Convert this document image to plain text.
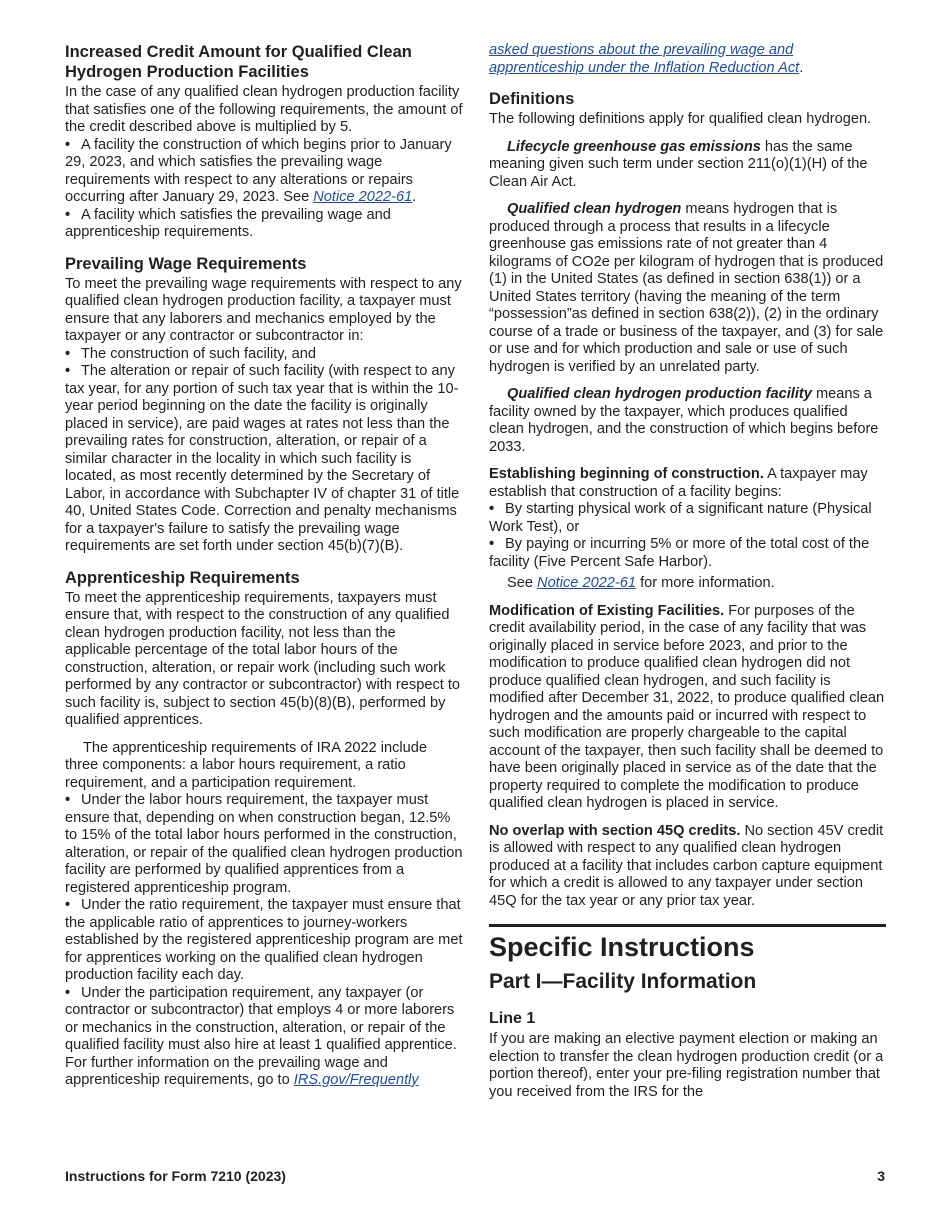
Increased Credit Amount for Qualified Clean Hydrogen Production Facilities

In the case of any qualified clean hydrogen production facility that satisfies one of the following requirements, the amount of the credit described above is multiplied by 5.

• A facility the construction of which begins prior to January 29, 2023, and which satisfies the prevailing wage requirements with respect to any alterations or repairs occurring after January 29, 2023. See Notice 2022-61.

• A facility which satisfies the prevailing wage and apprenticeship requirements.

Prevailing Wage Requirements

To meet the prevailing wage requirements with respect to any qualified clean hydrogen production facility, a taxpayer must ensure that any laborers and mechanics employed by the taxpayer or any contractor or subcontractor in:

• The construction of such facility, and

• The alteration or repair of such facility (with respect to any tax year, for any portion of such tax year that is within the 10-year period beginning on the date the facility is originally placed in service), are paid wages at rates not less than the prevailing rates for construction, alteration, or repair of a similar character in the locality in which such facility is located, as most recently determined by the Secretary of Labor, in accordance with Subchapter IV of chapter 31 of title 40, United States Code. Correction and penalty mechanisms for a taxpayer's failure to satisfy the prevailing wage requirements are set forth under section 45(b)(7)(B).

Apprenticeship Requirements

To meet the apprenticeship requirements, taxpayers must ensure that, with respect to the construction of any qualified clean hydrogen production facility, not less than the applicable percentage of the total labor hours of the construction, alteration, or repair work (including such work performed by any contractor or subcontractor) with respect to such facility is, subject to section 45(b)(8)(B), performed by qualified apprentices.

The apprenticeship requirements of IRA 2022 include three components: a labor hours requirement, a ratio requirement, and a participation requirement.

• Under the labor hours requirement, the taxpayer must ensure that, depending on when construction began, 12.5% to 15% of the total labor hours performed in the construction, alteration, or repair of the qualified clean hydrogen production facility are performed by qualified apprentices from a registered apprenticeship program.

• Under the ratio requirement, the taxpayer must ensure that the applicable ratio of apprentices to journey-workers established by the registered apprenticeship program are met for apprentices working on the qualified clean hydrogen production facility each day.

• Under the participation requirement, any taxpayer (or contractor or subcontractor) that employs 4 or more laborers or mechanics in the construction, alteration, or repair of the qualified facility must also hire at least 1 qualified apprentice.

For further information on the prevailing wage and apprenticeship requirements, go to IRS.gov/Frequently

asked questions about the prevailing wage and apprenticeship under the Inflation Reduction Act.

Definitions

The following definitions apply for qualified clean hydrogen.

Lifecycle greenhouse gas emissions has the same meaning given such term under section 211(o)(1)(H) of the Clean Air Act.

Qualified clean hydrogen means hydrogen that is produced through a process that results in a lifecycle greenhouse gas emissions rate of not greater than 4 kilograms of CO2e per kilogram of hydrogen that is produced (1) in the United States (as defined in section 638(1)) or a United States territory (having the meaning of the term “possession”as defined in section 638(2)), (2) in the ordinary course of a trade or business of the taxpayer, and (3) for sale or use and for which production and sale or use of such hydrogen is verified by an unrelated party.

Qualified clean hydrogen production facility means a facility owned by the taxpayer, which produces qualified clean hydrogen, and the construction of which begins before 2033.

Establishing beginning of construction. A taxpayer may establish that construction of a facility begins:

• By starting physical work of a significant nature (Physical Work Test), or

• By paying or incurring 5% or more of the total cost of the facility (Five Percent Safe Harbor).

See Notice 2022-61 for more information.

Modification of Existing Facilities. For purposes of the credit availability period, in the case of any facility that was originally placed in service before 2023, and prior to the modification to produce qualified clean hydrogen did not produce qualified clean hydrogen, and such facility is modified after December 31, 2022, to produce qualified clean hydrogen and the amounts paid or incurred with respect to such modification are properly chargeable to the capital account of the taxpayer, then such facility shall be deemed to have been originally placed in service as of the date that the property required to complete the modification to produce qualified clean hydrogen is placed in service.

No overlap with section 45Q credits. No section 45V credit is allowed with respect to any qualified clean hydrogen produced at a facility that includes carbon capture equipment for which a credit is allowed to any taxpayer under section 45Q for the tax year or any prior tax year.

Specific Instructions

Part I—Facility Information

Line 1

If you are making an elective payment election or making an election to transfer the clean hydrogen production credit (or a portion thereof), enter your pre-filing registration number that you received from the IRS for the

Instructions for Form 7210 (2023)	3
